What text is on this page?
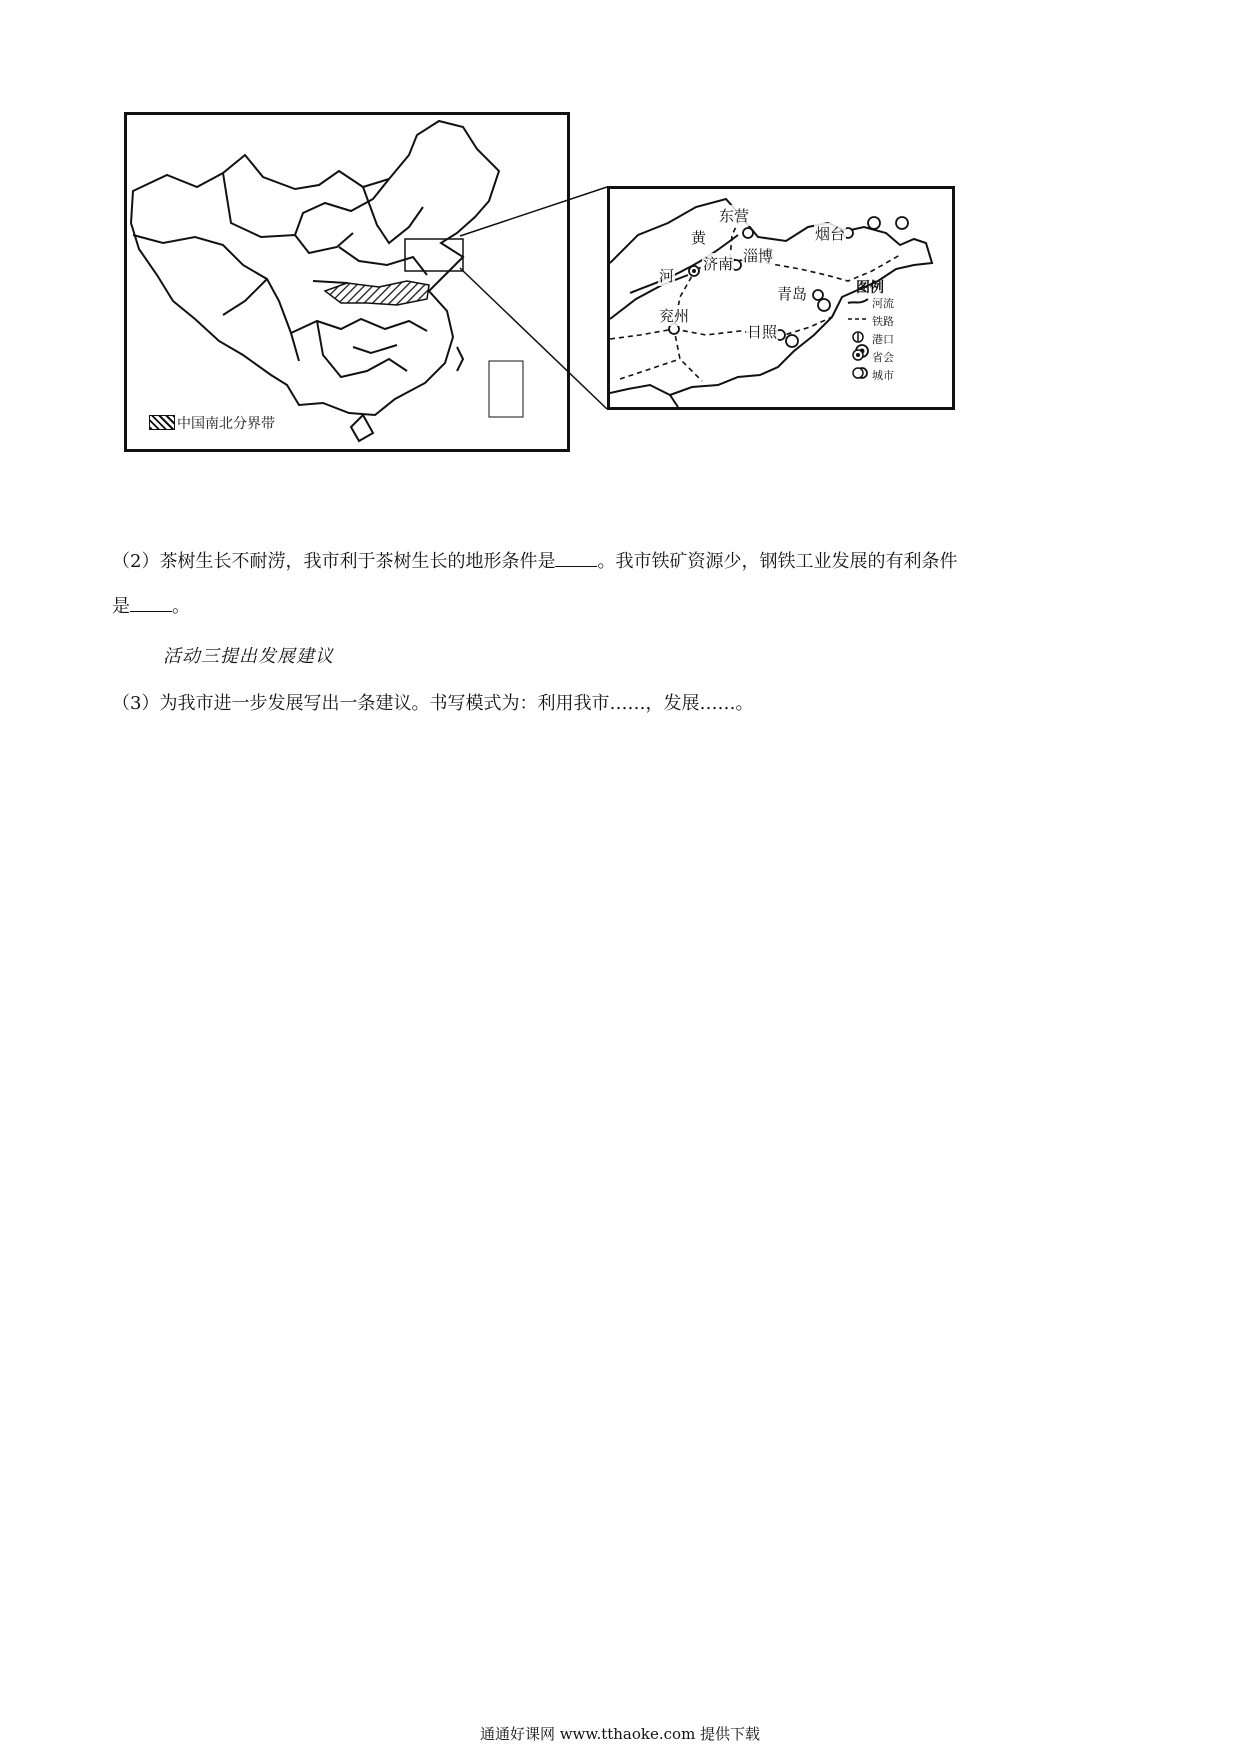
中国南北分界带
东营
黄
河
济南 淄博
烟台
青岛
兖州
日照
图例
河流
铁路
港口
省会
城市
（2）茶树生长不耐涝，我市利于茶树生长的地形条件是 。我市铁矿资源少，钢铁工业发展的有利条件
是 。
活动三提出发展建议
（3）为我市进一步发展写出一条建议。书写模式为：利用我市……，发展……。
通通好课网 www.tthaoke.com 提供下载
